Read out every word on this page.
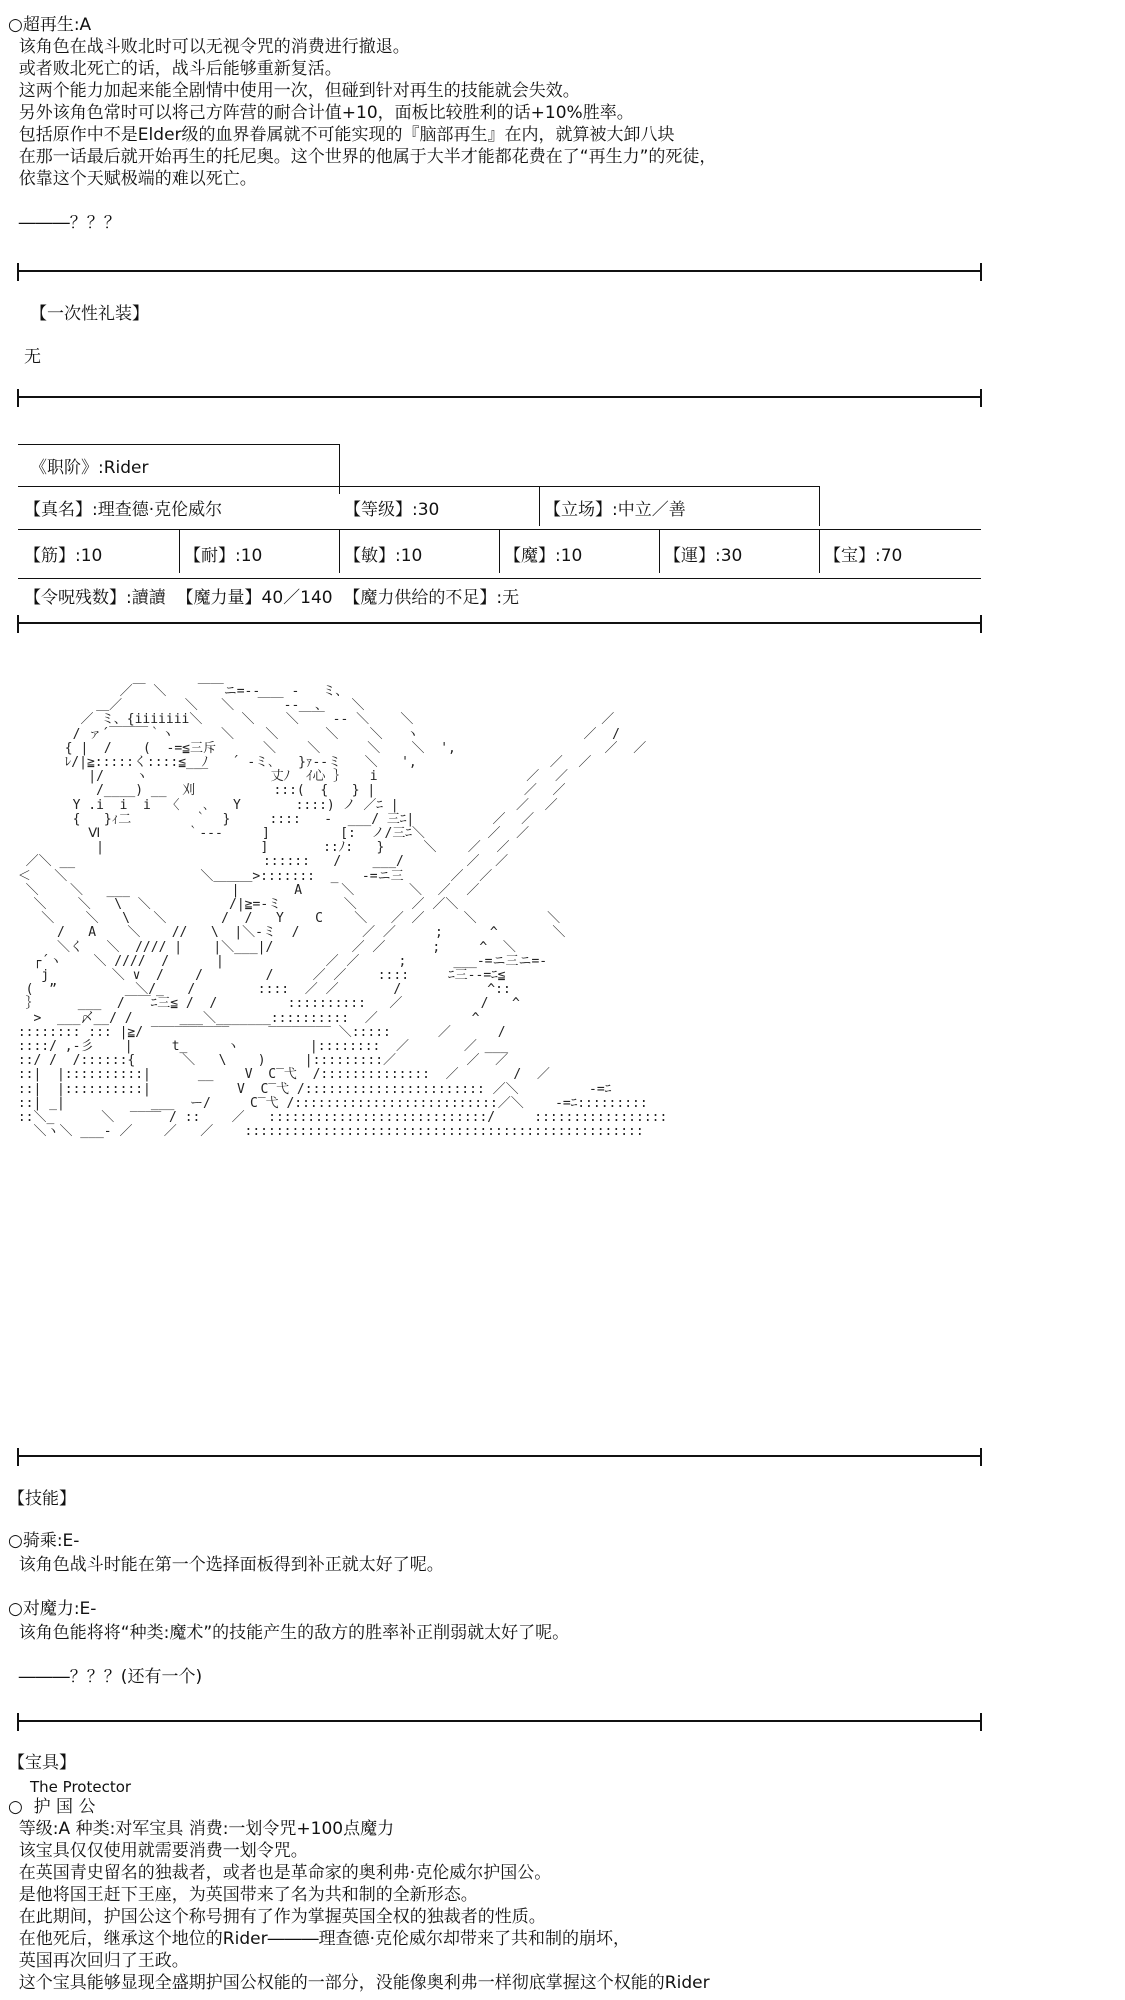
○超再生:A
该角色在战斗败北时可以无视令咒的消费进行撤退。
或者败北死亡的话，战斗后能够重新复活。
这两个能力加起来能全剧情中使用一次，但碰到针对再生的技能就会失效。
另外该角色常时可以将己方阵营的耐合计值+10，面板比较胜利的话+10%胜率。
包括原作中不是Elder级的血界眷属就不可能实现的『脑部再生』在内，就算被大卸八块
在那一话最后就开始再生的托尼奥。这个世界的他属于大半才能都花费在了“再生力”的死徒，
依靠这个天赋极端的难以死亡。
―――？？？
【一次性礼装】
无
《职阶》:Rider
【真名】:理查德·克伦威尔	【等级】:30	【立场】:中立／善
【筋】:10	【耐】:10	【敏】:10	【魔】:10	【運】:30	【宝】:70
【令呪残数】:讀讀  【魔力量】40／140  【魔力供给的不足】:无
／￣ ＼    ￣￣ニ=‐-    ‐   ミ、
＿／        ＼   ＼   ￣￣‐-  、   ＼
／ ミ、{iiiiiii＼     ＼    ＼￣￣ ‐- ＼    ＼                        ／
/ ァ´￣￣￣｀ヽ      ＼    ＼      ＼    ＼   ヽ                     ／  /
{ |  /    (  ‐=≦三斥      ＼    ＼      ＼    ＼  ',                   ／  ／
ﾚ/|≧:::::く::::≦__ﾉ   ´ ‐ミ､   }ｧ‐-ミ   ＼   ',                 ／  ／
|/    ヽ      ￣        丈ﾉ  ｲ心 ｝   i                   ／  ／
/____) __  刈          :::(  {   } |                   ／  ／
Y .i  i  i  〈   ､   Y       ::::) ノ ／ﾆ |               ／  ／
{   }ｨ二        ｀  }     ::::   ‐  ___/ 三ﾆ|          ／  ／
Ⅵ           ｀‐-‐     ]         [:  ノ/三ﾆ＼        ／  ／
|                    ]       ::ﾉ:   }     ＼    ／  ／
／＼ __                        ::::::   /    ___/        ／  ／
＜   ＼                 ＼＿＿＿>:::::::  _   ‐=ニ三      ／  ／
＼    ＼   ___             |       A     ＼       ＼  ／  ／
＼    ＼   \  ＼          /|≧=‐ミ        ＼       ／ ／＼
＼    ＼   \   ＼       /  /   Y    C    ＼   ／ ／     ＼         ＼
/   A    ＼    //   \  |＼‐ミ  /        ／ ／     ;      ^       ＼
＼く   ＼  //// |    |＼___|/          ／ ／      ;     ^  ＼
┌´ヽ    ＼ ////  /      |             ／ ／     ;      ___‐=ニ三ニ=‐
j        ＼ ∨  /    /        /     ／ ／    ::::     ﾆ三‐‐=ﾆ≦
(  ”          ＼/_   /        ::::  ／ ／       /           ^::
｝     ___  /￣￣ﾆ三≦ /  /         ::::::::::   ／          /   ^
>  ___〆__/ /      ___＼_______::::::::::  ／            ^
:::::::: ::: |≧/ ‾‾‾‾‾‾‾‾‾‾     ‾‾‾‾‾‾‾‾ ＼:::::      ／      /
::::/ ,‐彡    |     t_     ヽ         |::::::::  ／       ／ ___
::/ /  /::::::{      ＼   \    )     |:::::::::／         ／  ／
::|  |::::::::::|      __    V  C‾弋  /::::::::::::::  ／       /  ／
::|  |::::::::::|           V  C‾弋 /::::::::::::::::::::::: ／＼         ‐=ﾆ
::| _|           ___  ー/     C‾弋 /::::::::::::::::::::::::::／＼    ‐=ﾆ:::::::::
::＼_      ＼  ‾‾‾‾ / ::    ／   ::::::::::::::::::::::::::::/     :::::::::::::::::
＼ヽ＼ ___‐ ／    ／   ／    :::::::::::::::::::::::::::::::::::::::::::::::::::
【技能】
○骑乘:E-
该角色战斗时能在第一个选择面板得到补正就太好了呢。
○对魔力:E-
该角色能将将“种类:魔术”的技能产生的敌方的胜率补正削弱就太好了呢。
―――？？？(还有一个)
【宝具】
The Protector
○  护 国 公
等级:A 种类:对军宝具 消费:一划令咒+100点魔力
该宝具仅仅使用就需要消费一划令咒。
在英国青史留名的独裁者，或者也是革命家的奥利弗·克伦威尔护国公。
是他将国王赶下王座，为英国带来了名为共和制的全新形态。
在此期间，护国公这个称号拥有了作为掌握英国全权的独裁者的性质。
在他死后，继承这个地位的Rider―――理查德·克伦威尔却带来了共和制的崩坏，
英国再次回归了王政。
这个宝具能够显现全盛期护国公权能的一部分，没能像奥利弗一样彻底掌握这个权能的Rider
